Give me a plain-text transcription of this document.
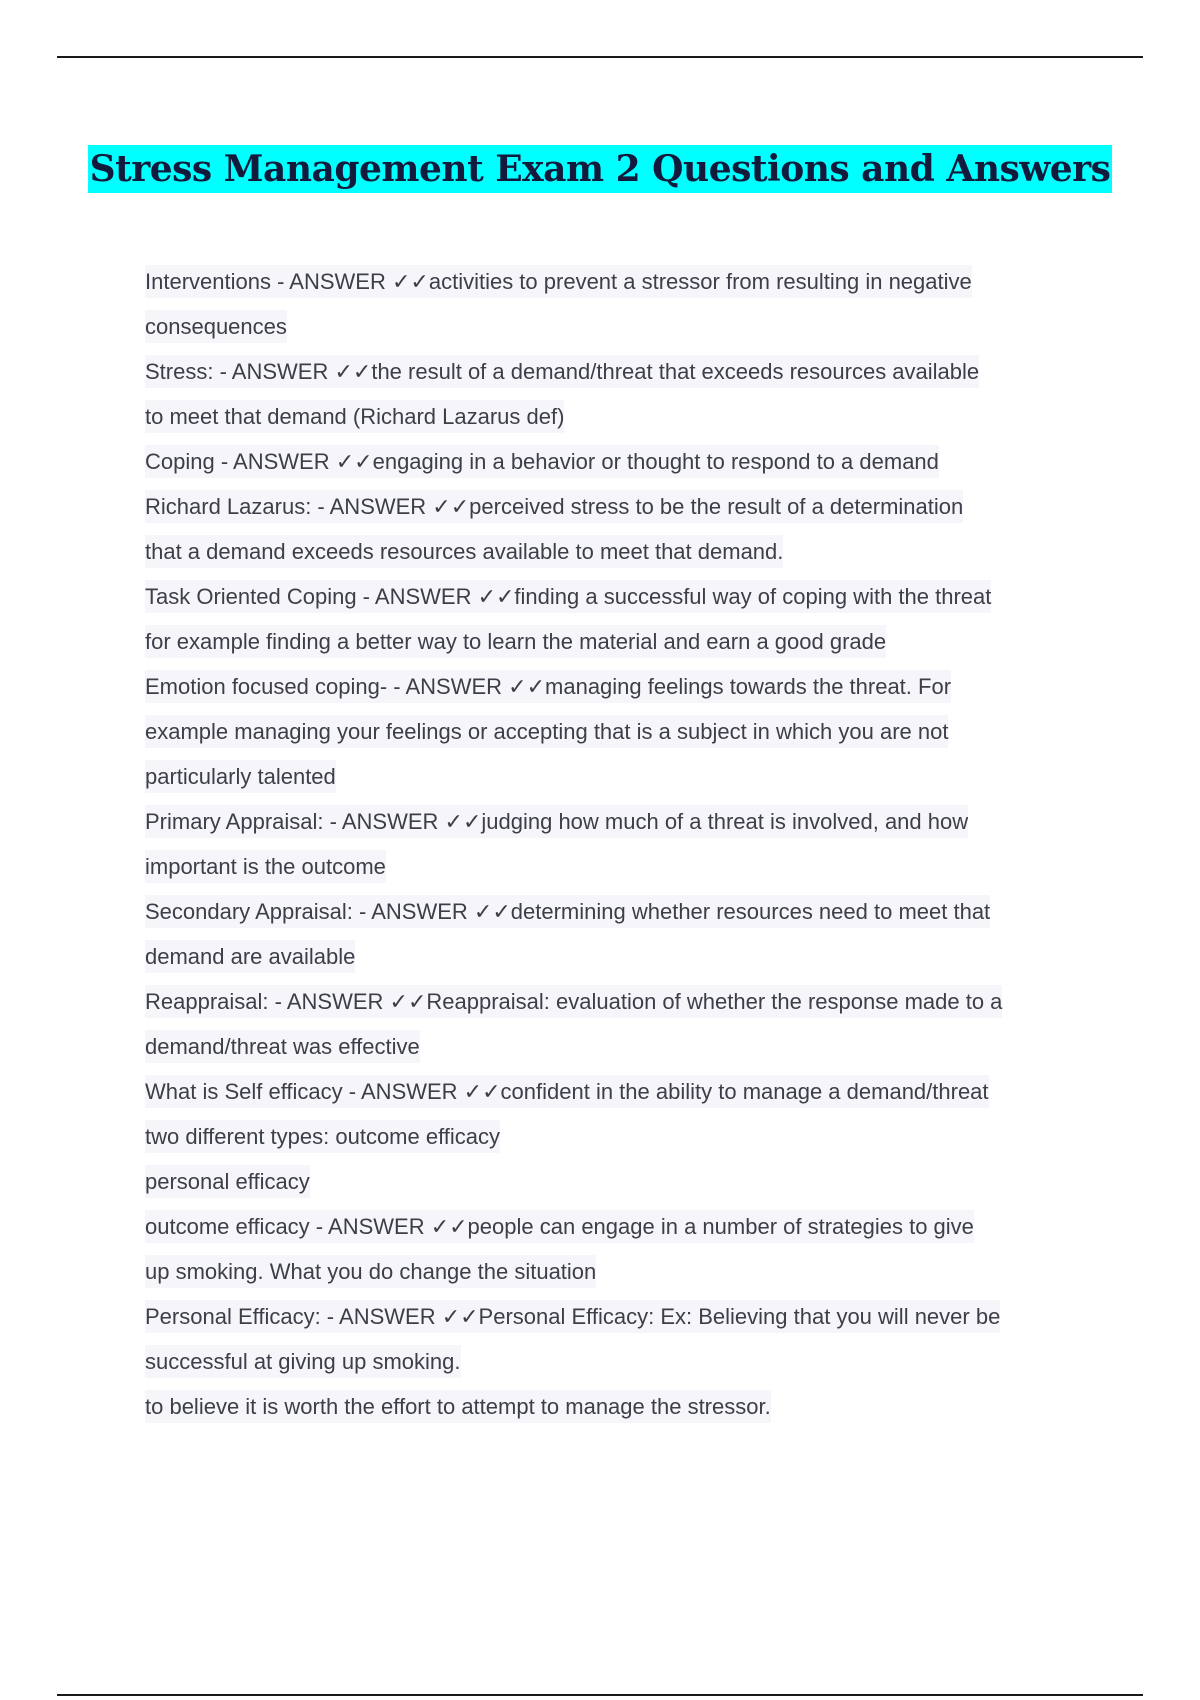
Stress Management Exam 2 Questions and Answers
Interventions - ANSWER ✓✓activities to prevent a stressor from resulting in negative
consequences
Stress: - ANSWER ✓✓the result of a demand/threat that exceeds resources available
to meet that demand (Richard Lazarus def)
Coping - ANSWER ✓✓engaging in a behavior or thought to respond to a demand
Richard Lazarus: - ANSWER ✓✓perceived stress to be the result of a determination
that a demand exceeds resources available to meet that demand.
Task Oriented Coping - ANSWER ✓✓finding a successful way of coping with the threat
for example finding a better way to learn the material and earn a good grade
Emotion focused coping- - ANSWER ✓✓managing feelings towards the threat. For
example managing your feelings or accepting that is a subject in which you are not
particularly talented
Primary Appraisal: - ANSWER ✓✓judging how much of a threat is involved, and how
important is the outcome
Secondary Appraisal: - ANSWER ✓✓determining whether resources need to meet that
demand are available
Reappraisal: - ANSWER ✓✓Reappraisal: evaluation of whether the response made to a
demand/threat was effective
What is Self efficacy - ANSWER ✓✓confident in the ability to manage a demand/threat
two different types: outcome efficacy
personal efficacy
outcome efficacy - ANSWER ✓✓people can engage in a number of strategies to give
up smoking. What you do change the situation
Personal Efficacy: - ANSWER ✓✓Personal Efficacy: Ex: Believing that you will never be
successful at giving up smoking.
to believe it is worth the effort to attempt to manage the stressor.
